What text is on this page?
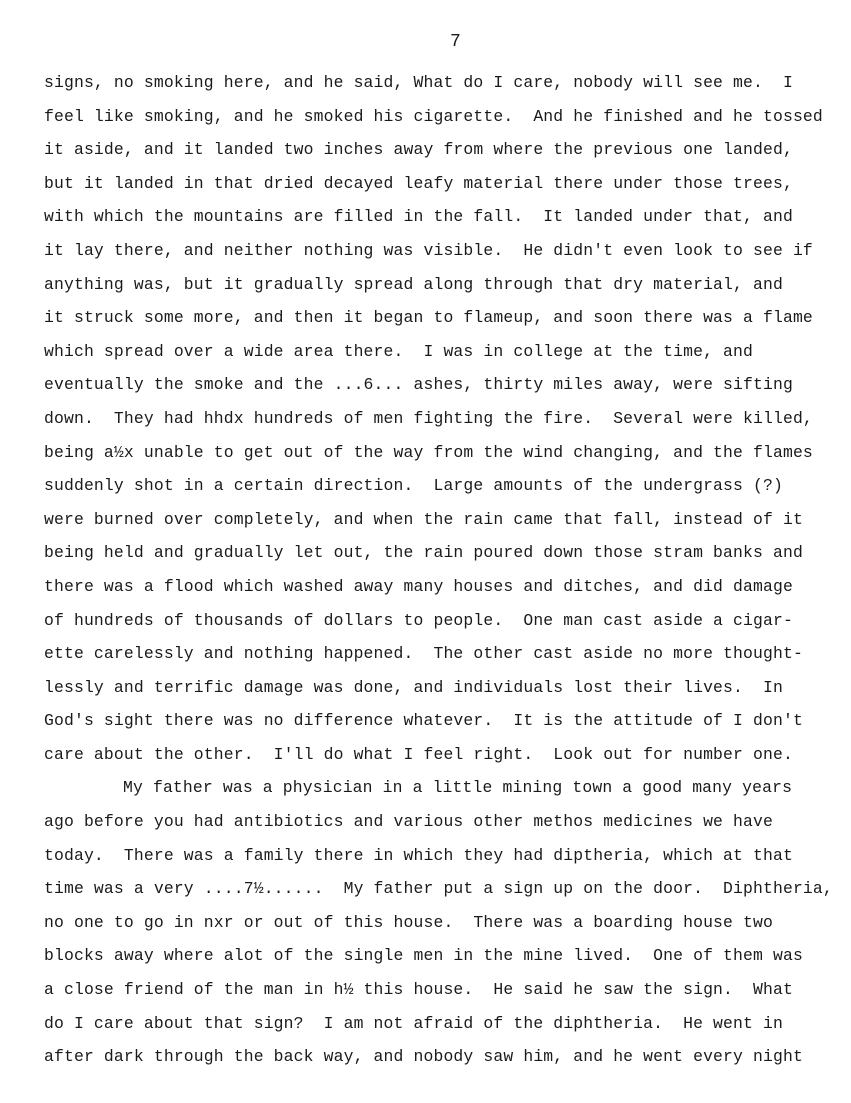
7
signs, no smoking here, and he said, What do I care, nobody will see me.  I
feel like smoking, and he smoked his cigarette.  And he finished and he tossed
it aside, and it landed two inches away from where the previous one landed,
but it landed in that dried decayed leafy material there under those trees,
with which the mountains are filled in the fall.  It landed under that, and
it lay there, and neither nothing was visible.  He didn't even look to see if
anything was, but it gradually spread along through that dry material, and
it struck some more, and then it began to flameup, and soon there was a flame
which spread over a wide area there.  I was in college at the time, and
eventually the smoke and the ...6... ashes, thirty miles away, were sifting
down.  They had hhdx hundreds of men fighting the fire.  Several were killed,
being a½x unable to get out of the way from the wind changing, and the flames
suddenly shot in a certain direction.  Large amounts of the undergrass (?)
were burned over completely, and when the rain came that fall, instead of it
being held and gradually let out, the rain poured down those stram banks and
there was a flood which washed away many houses and ditches, and did damage
of hundreds of thousands of dollars to people.  One man cast aside a cigar-
ette carelessly and nothing happened.  The other cast aside no more thought-
lessly and terrific damage was done, and individuals lost their lives.  In
God's sight there was no difference whatever.  It is the attitude of I don't
care about the other.  I'll do what I feel right.  Look out for number one.
My father was a physician in a little mining town a good many years
ago before you had antibiotics and various other methos medicines we have
today.  There was a family there in which they had diptheria, which at that
time was a very ....7½......  My father put a sign up on the door.  Diphtheria,
no one to go in nxr or out of this house.  There was a boarding house two
blocks away where alot of the single men in the mine lived.  One of them was
a close friend of the man in h½ this house.  He said he saw the sign.  What
do I care about that sign?  I am not afraid of the diphtheria.  He went in
after dark through the back way, and nobody saw him, and he went every night
